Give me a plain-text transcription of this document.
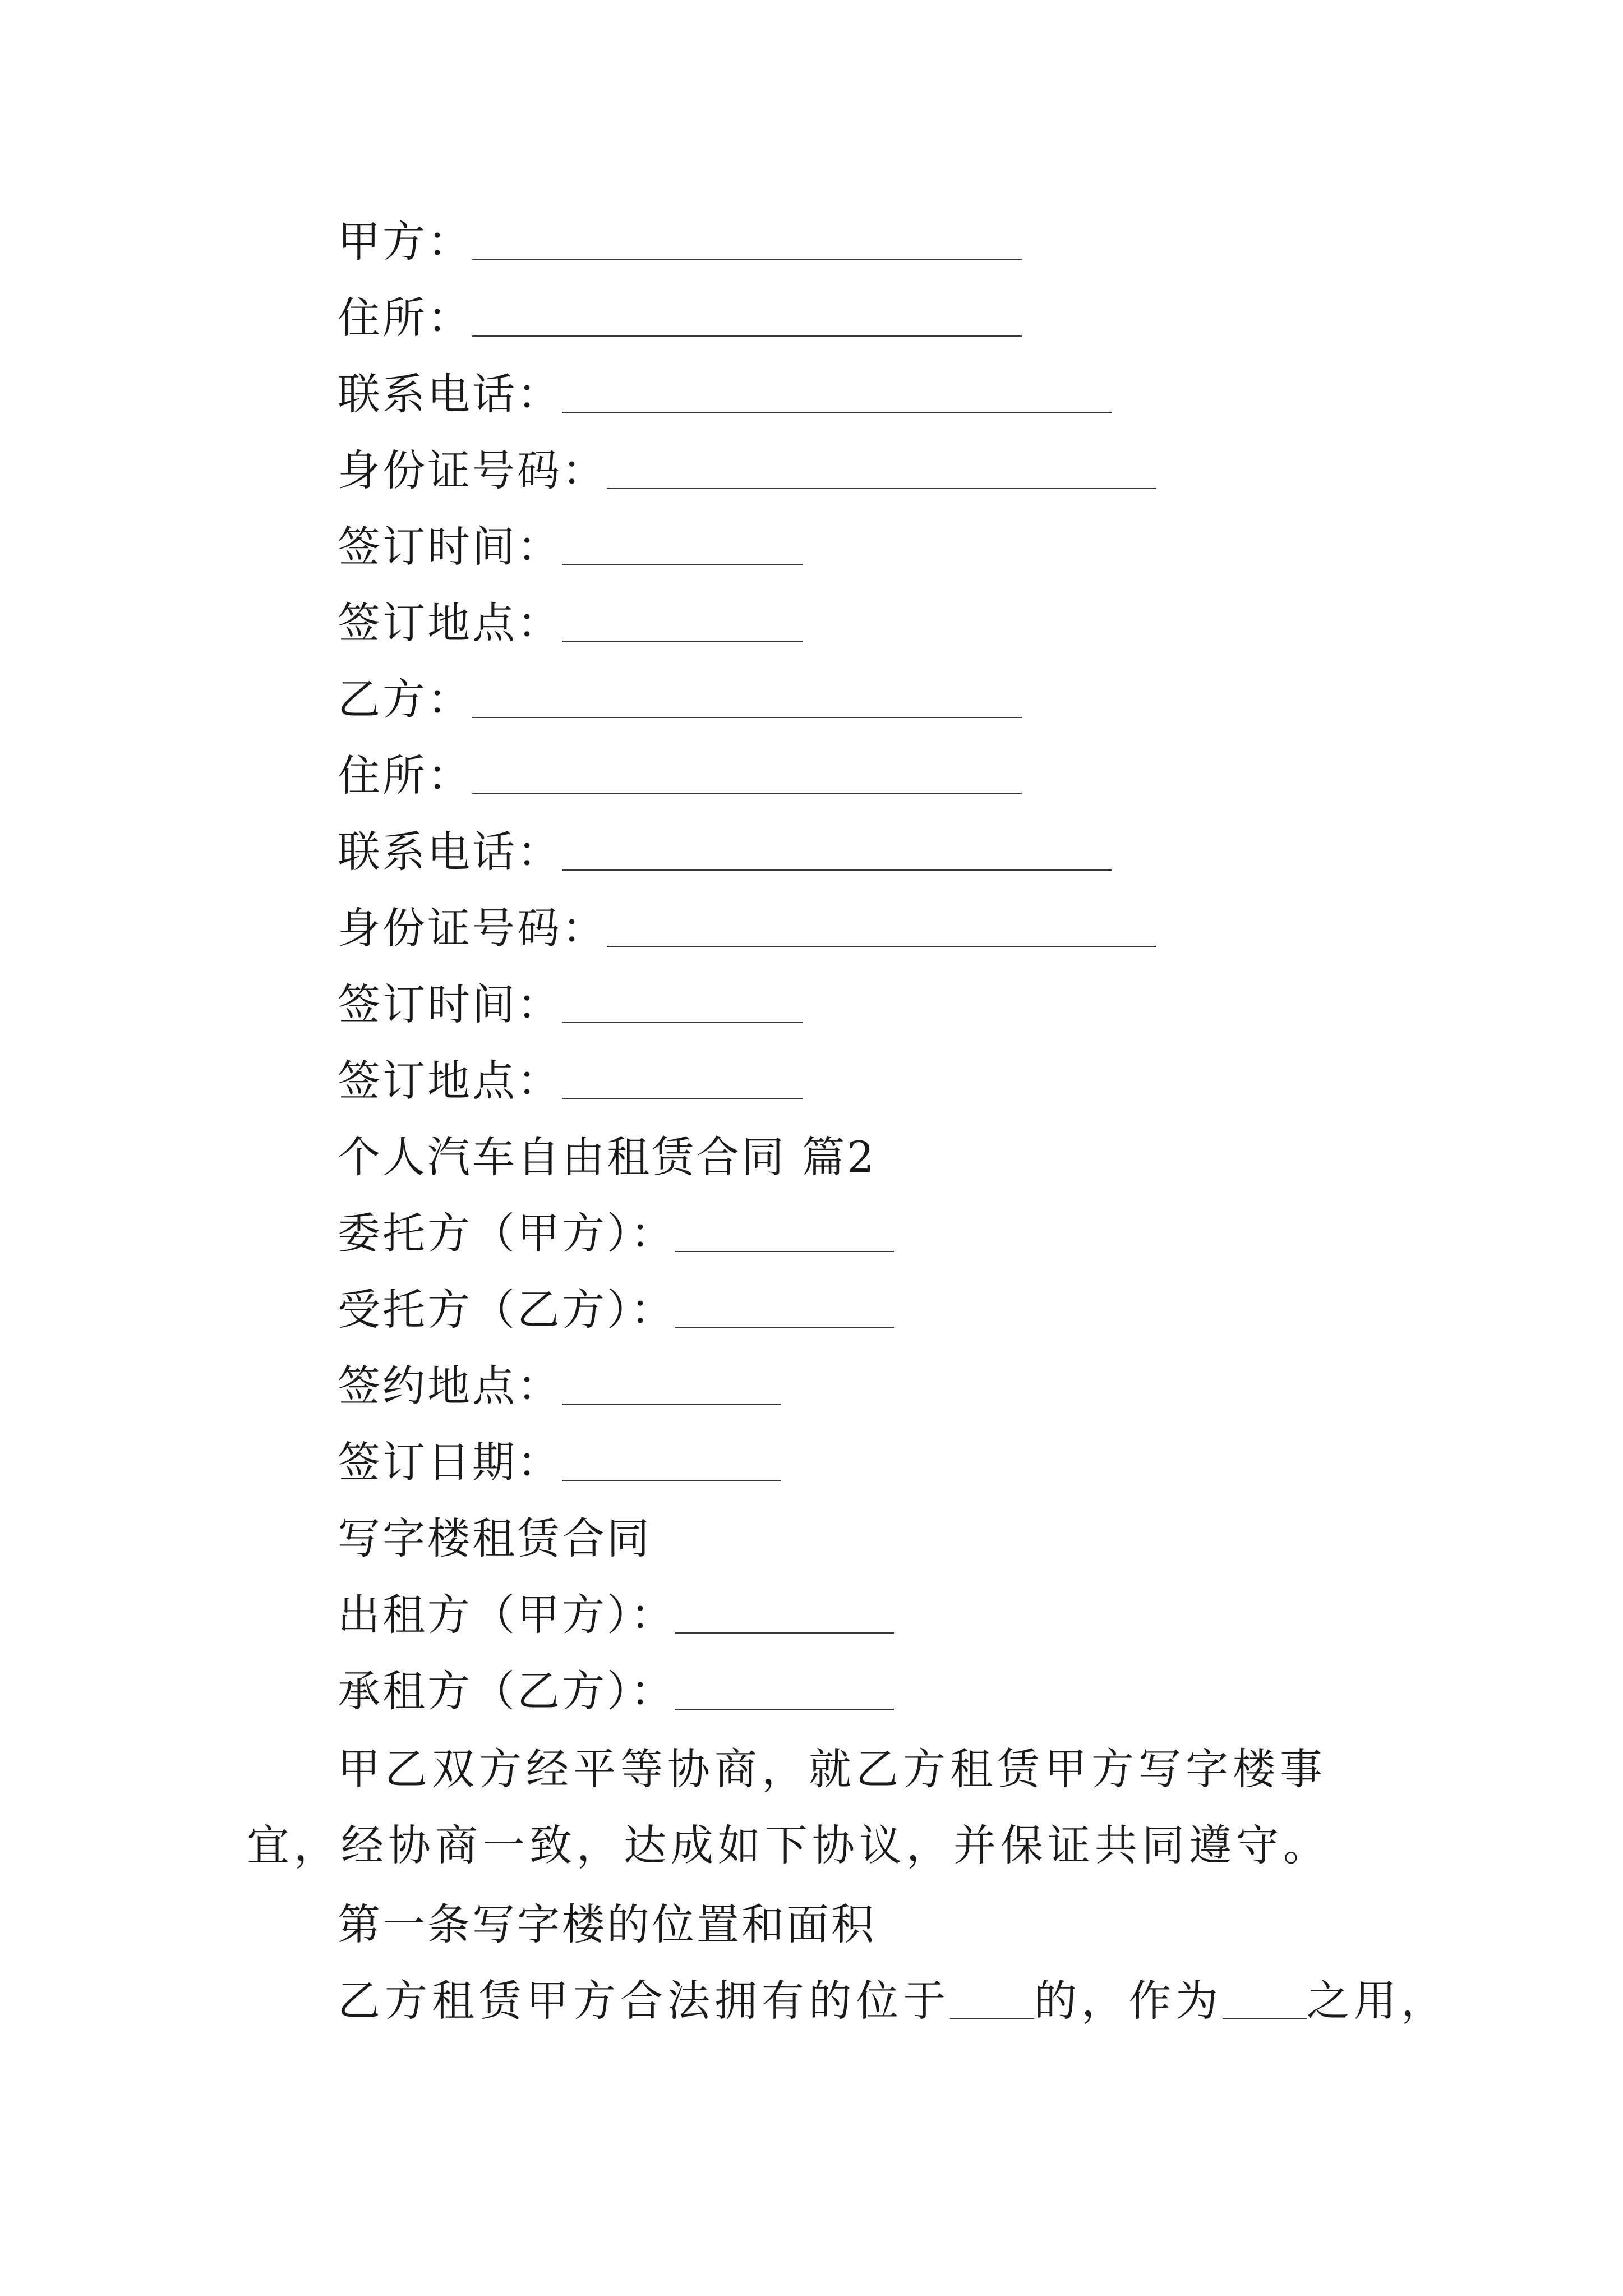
甲方：
住所：
联系电话：
身份证号码：
签订时间：
签订地点：
乙方：
住所：
联系电话：
身份证号码：
签订时间：
签订地点：
个人汽车自由租赁合同 篇2
委托方（甲方）：
受托方（乙方）：
签约地点：
签订日期：
写字楼租赁合同
出租方（甲方）：
承租方（乙方）：
甲乙双方经平等协商，就乙方租赁甲方写字楼事宜，经协商一致，达成如下协议，并保证共同遵守。
第一条写字楼的位置和面积
乙方租赁甲方合法拥有的位于 的，作为 之用，
